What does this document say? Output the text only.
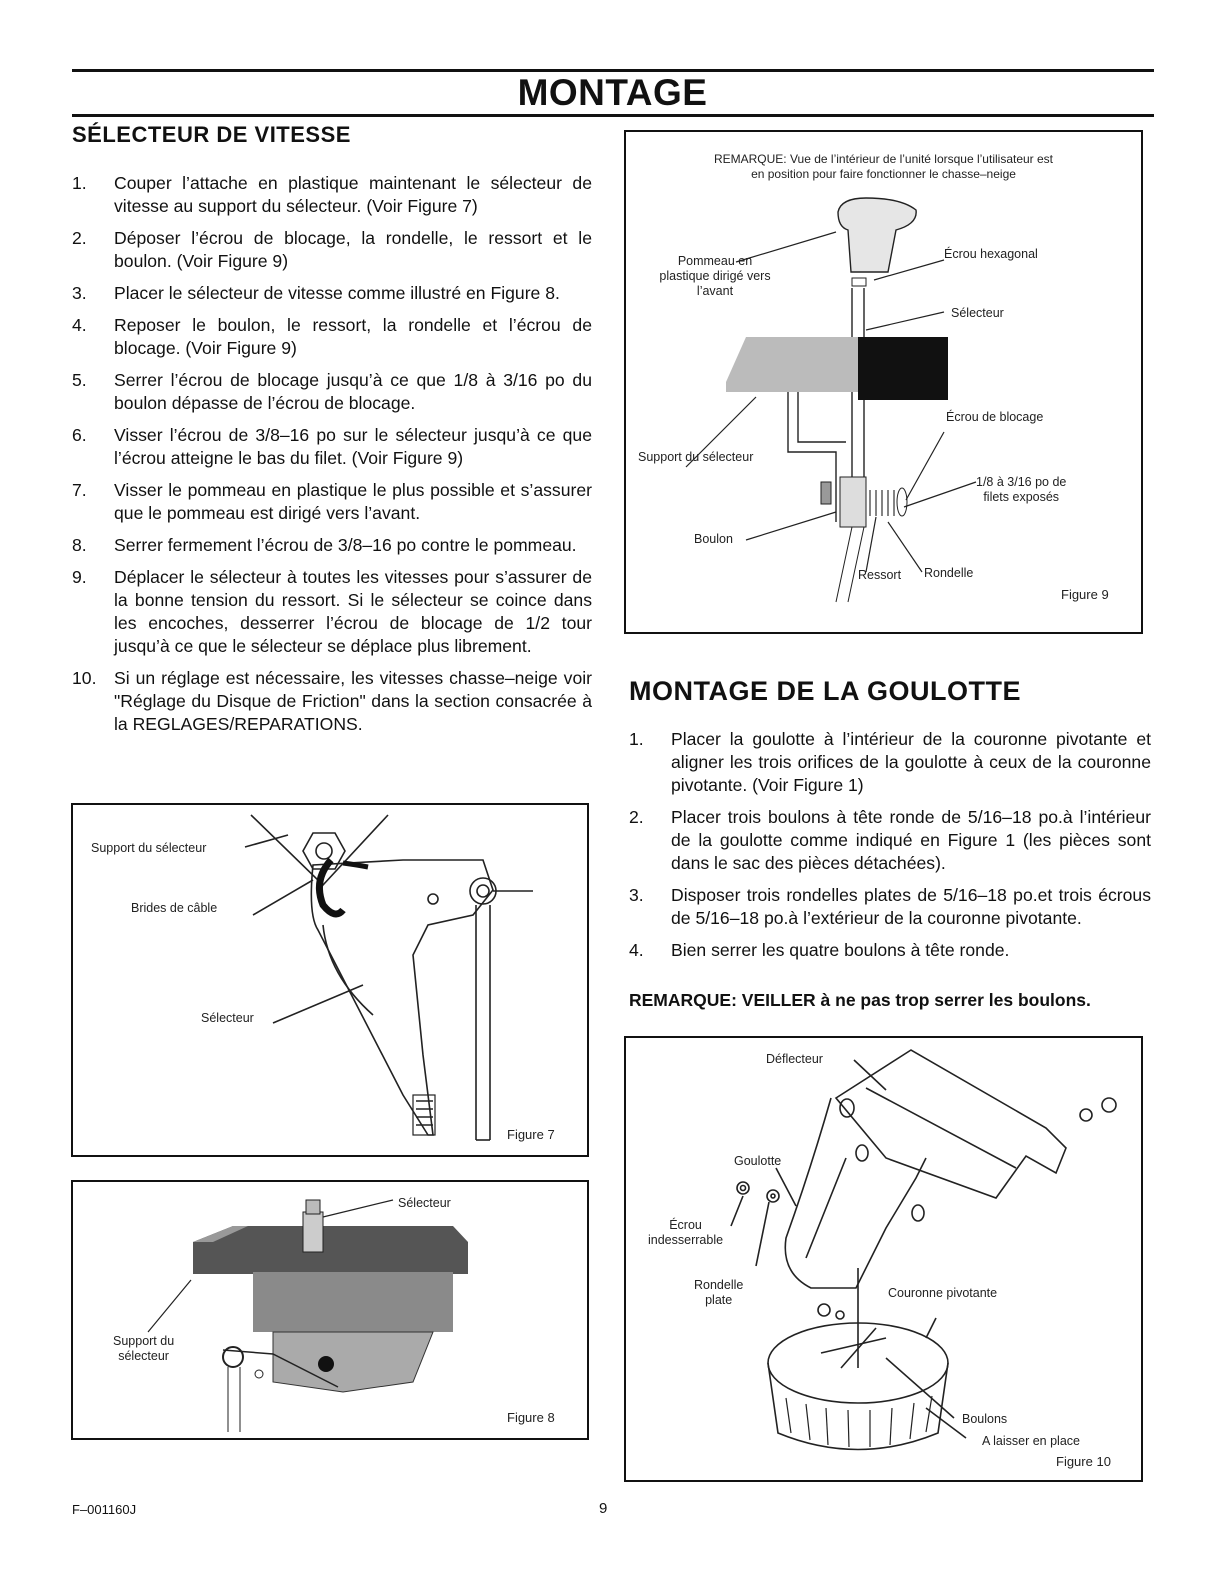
MONTAGE
SÉLECTEUR DE VITESSE
1. Couper l’attache en plastique maintenant le sélecteur de vitesse au support du sélecteur. (Voir Figure 7)
2. Déposer l’écrou de blocage, la rondelle, le ressort et le boulon. (Voir Figure 9)
3. Placer le sélecteur de vitesse comme illustré en Figure 8.
4. Reposer le boulon, le ressort, la rondelle et l’écrou de blocage. (Voir Figure 9)
5. Serrer l’écrou de blocage jusqu’à ce que 1/8 à 3/16 po du boulon dépasse de l’écrou de blocage.
6. Visser l’écrou de 3/8–16 po sur le sélecteur jusqu’à ce que l’écrou atteigne le bas du filet. (Voir Figure 9)
7. Visser le pommeau en plastique le plus possible et s’assurer que le pommeau est dirigé vers l’avant.
8. Serrer fermement l’écrou de 3/8–16 po contre le pommeau.
9. Déplacer le sélecteur à toutes les vitesses pour s’assurer de la bonne tension du ressort. Si le sélecteur se coince dans les encoches, desserrer l’écrou de blocage de 1/2 tour jusqu’à ce que le sélecteur se déplace plus librement.
10. Si un réglage est nécessaire, les vitesses chasse–neige voir "Réglage du Disque de Friction" dans la section consacrée à la REGLAGES/REPARATIONS.
Support du sélecteur
Brides de câble
Sélecteur
Figure 7
Sélecteur
Support du
sélecteur
Figure 8
REMARQUE: Vue de l’intérieur de l’unité lorsque l’utilisateur est
en position pour faire fonctionner le chasse–neige
Pommeau en
plastique dirigé vers
l’avant
Écrou hexagonal
Sélecteur
Écrou de blocage
Support du sélecteur
1/8 à 3/16 po de
filets exposés
Boulon
Ressort Rondelle
Figure 9
MONTAGE DE LA GOULOTTE
1. Placer la goulotte à l’intérieur de la couronne pivotante et aligner les trois orifices de la goulotte à ceux de la couronne pivotante. (Voir Figure 1)
2. Placer trois boulons à tête ronde de 5/16–18 po.à l’intérieur de la goulotte comme indiqué en Figure 1 (les pièces sont dans le sac des pièces détachées).
3. Disposer trois rondelles plates de 5/16–18 po.et trois écrous de 5/16–18 po.à l’extérieur de la couronne pivotante.
4. Bien serrer les quatre boulons à tête ronde.
REMARQUE: VEILLER à ne pas trop serrer les boulons.
Déflecteur
Goulotte
Écrou
indesserrable
Rondelle
plate	Couronne pivotante
Boulons
A laisser en place
Figure 10
F–001160J	9
